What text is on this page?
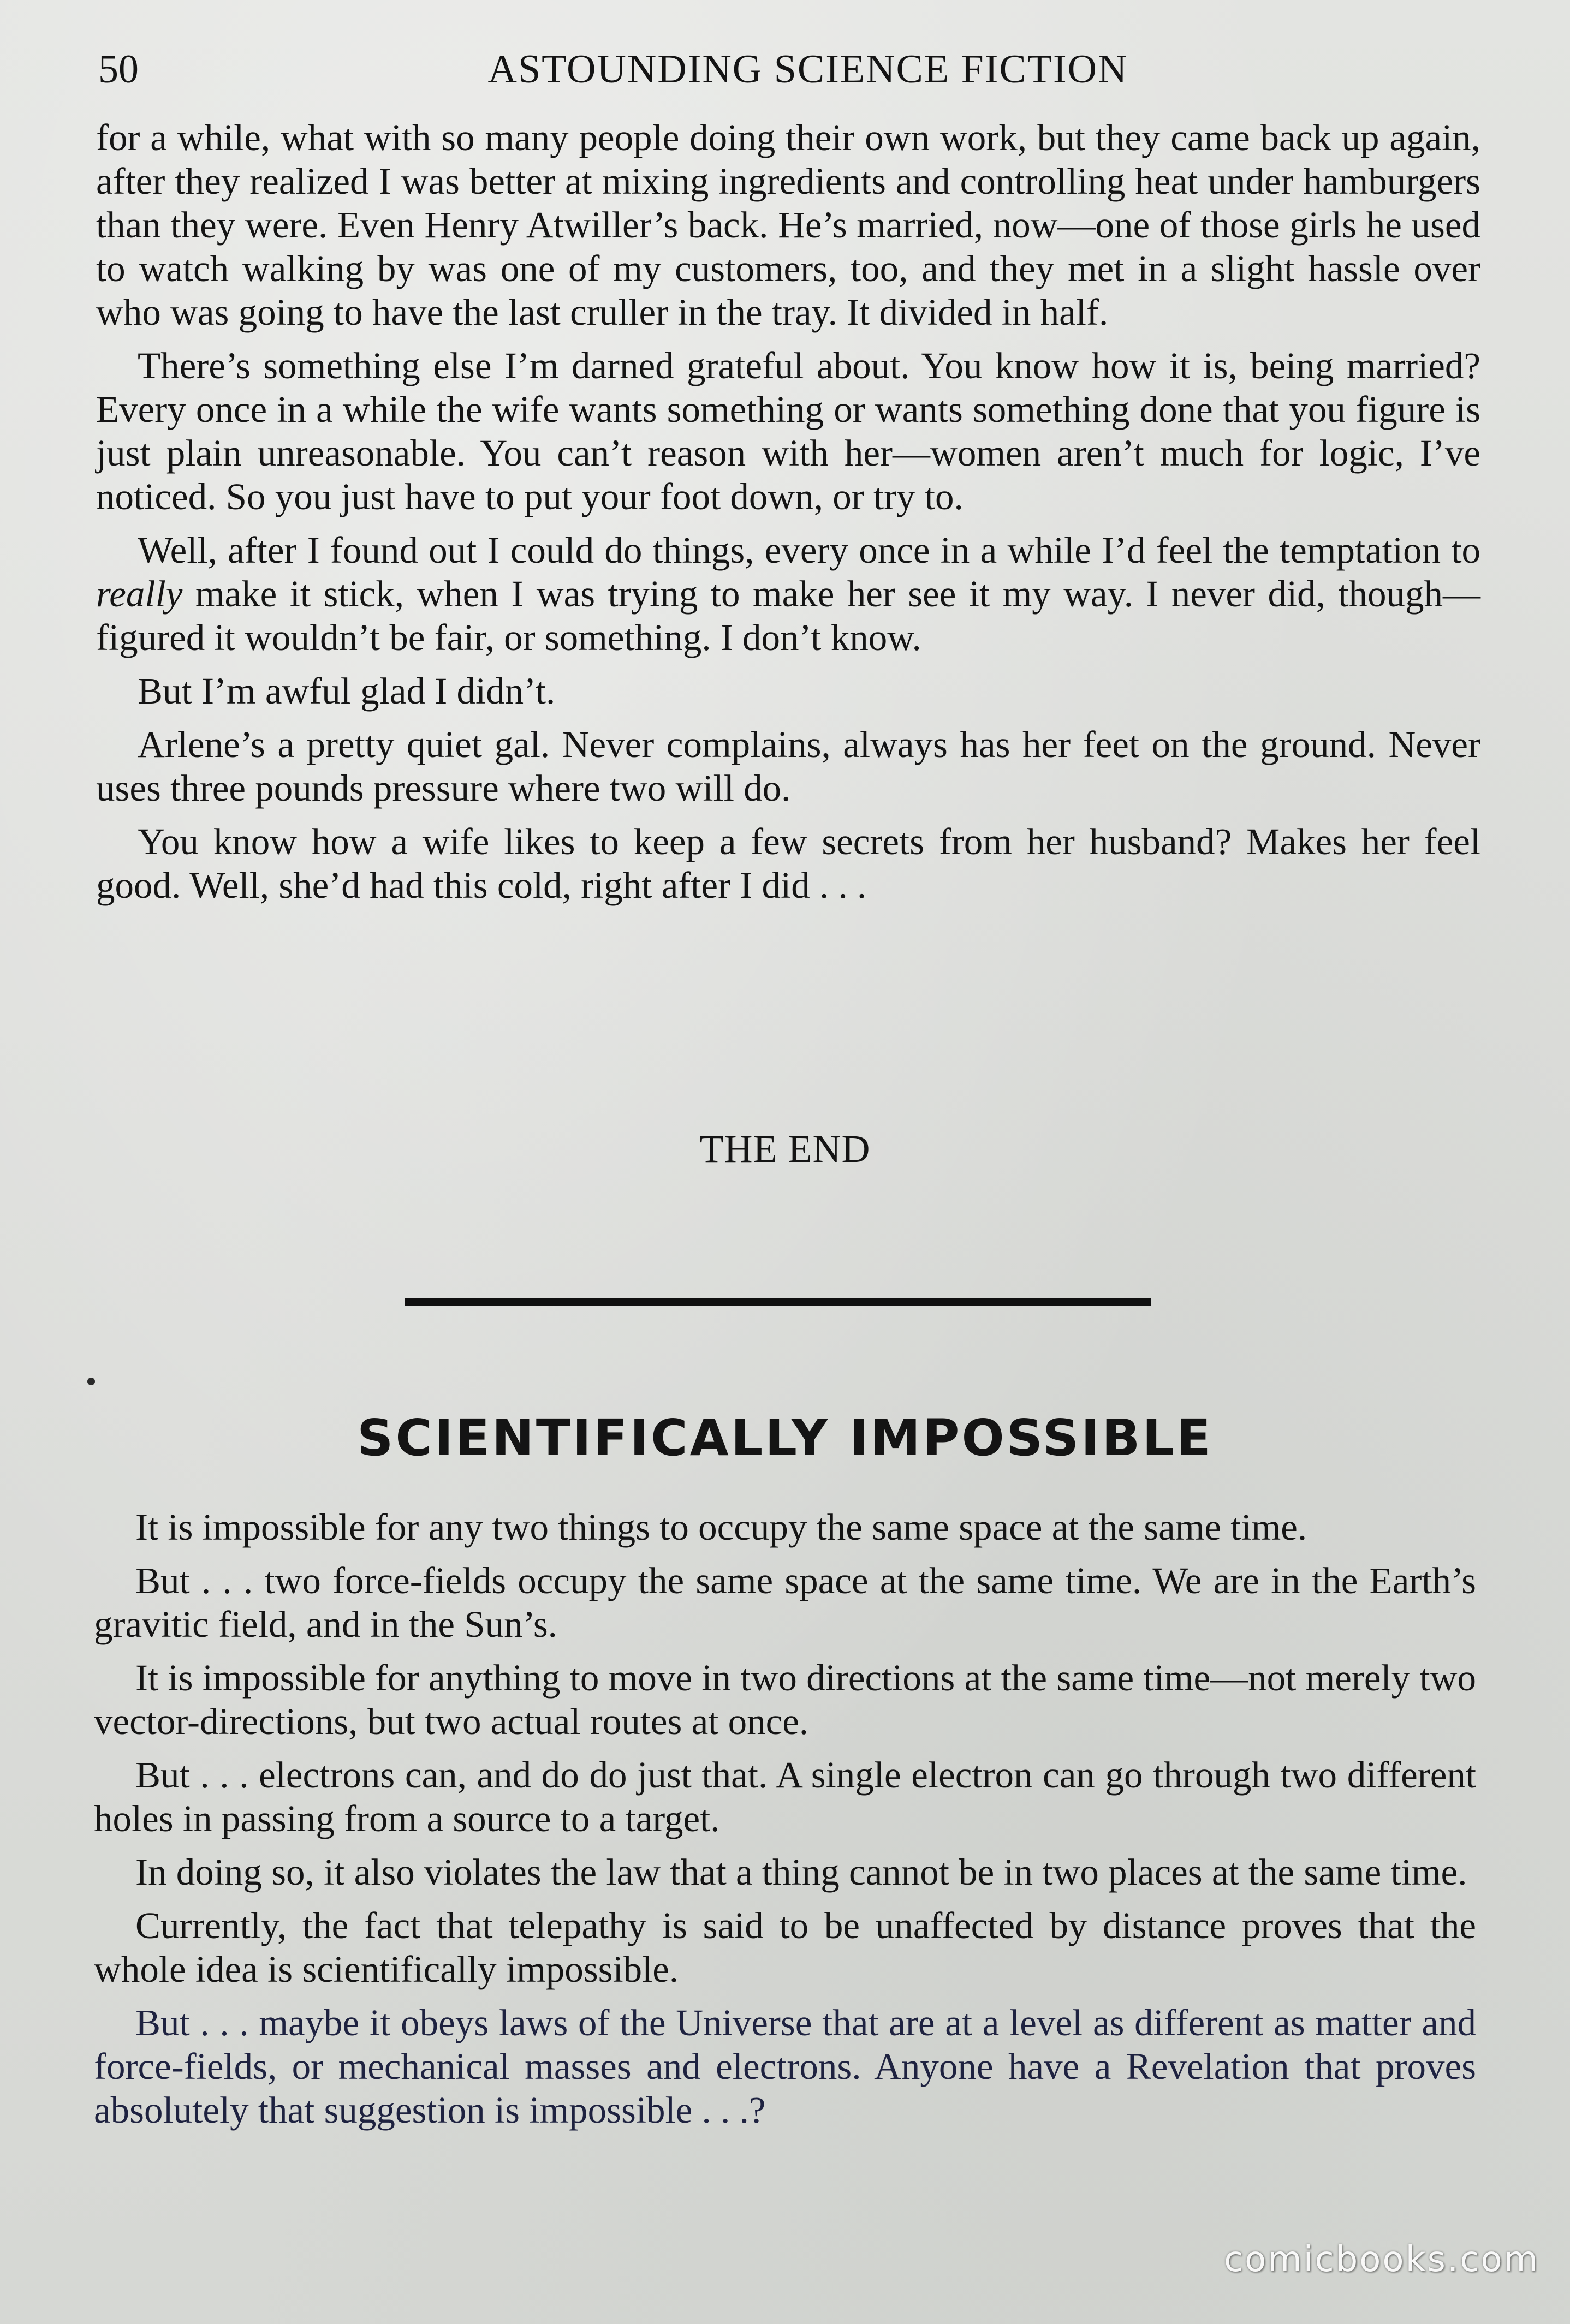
50	ASTOUNDING SCIENCE FICTION

for a while, what with so many people doing their own work, but they came back up again, after they realized I was better at mixing ingredients and controlling heat under hamburgers than they were. Even Henry Atwiller’s back. He’s married, now—one of those girls he used to watch walking by was one of my customers, too, and they met in a slight hassle over who was going to have the last cruller in the tray. It divided in half.

There’s something else I’m darned grateful about. You know how it is, being married? Every once in a while the wife wants something or wants something done that you figure is just plain unreasonable. You can’t reason with her—women aren’t much for logic, I’ve noticed. So you just have to put your foot down, or try to.

Well, after I found out I could do things, every once in a while I’d feel the temptation to really make it stick, when I was trying to make her see it my way. I never did, though—figured it wouldn’t be fair, or something. I don’t know.

But I’m awful glad I didn’t.

Arlene’s a pretty quiet gal. Never complains, always has her feet on the ground. Never uses three pounds pressure where two will do.

You know how a wife likes to keep a few secrets from her husband? Makes her feel good. Well, she’d had this cold, right after I did . . .

THE END
SCIENTIFICALLY IMPOSSIBLE

It is impossible for any two things to occupy the same space at the same time.

But . . . two force-fields occupy the same space at the same time. We are in the Earth’s gravitic field, and in the Sun’s.

It is impossible for anything to move in two directions at the same time—not merely two vector-directions, but two actual routes at once.

But . . . electrons can, and do do just that. A single electron can go through two different holes in passing from a source to a target.

In doing so, it also violates the law that a thing cannot be in two places at the same time.

Currently, the fact that telepathy is said to be unaffected by distance proves that the whole idea is scientifically impossible.

But . . . maybe it obeys laws of the Universe that are at a level as different as matter and force-fields, or mechanical masses and electrons. Anyone have a Revelation that proves absolutely that suggestion is impossible . . .?

comicbooks.com
